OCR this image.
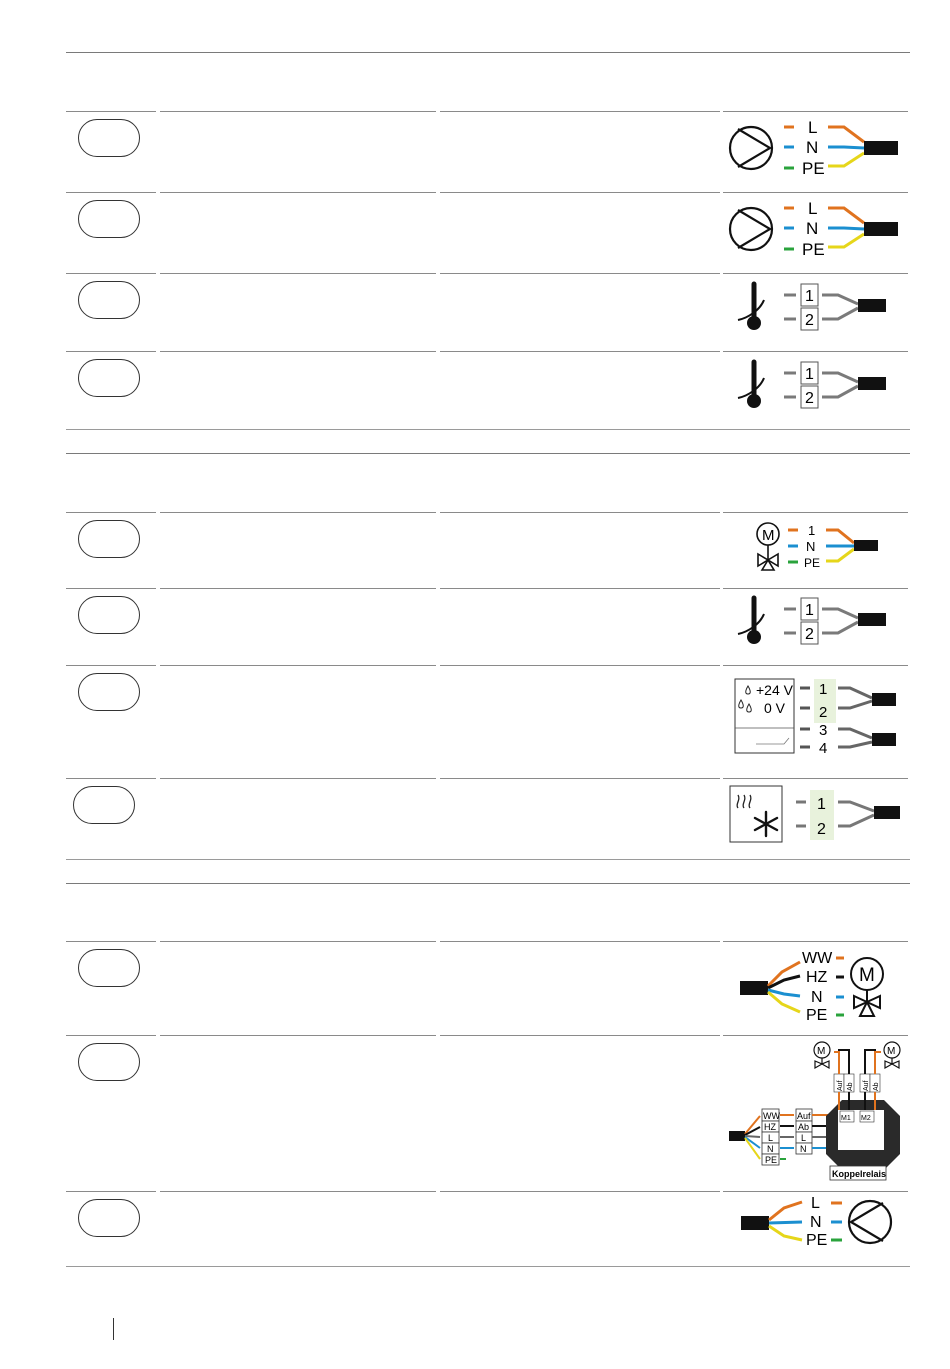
L
N
PE
L
N
PE
1
2
1
2
M	1
N
PE
1
2
+24 V
0 V
1
2
3
4
1
2
WW
HZ
N
PE
M
WW
HZ
L
N
PE
Auf
Ab
L
N
M1 M2
Koppelrelais
Auf Ab Auf Ab
M	M
L
N
PE
